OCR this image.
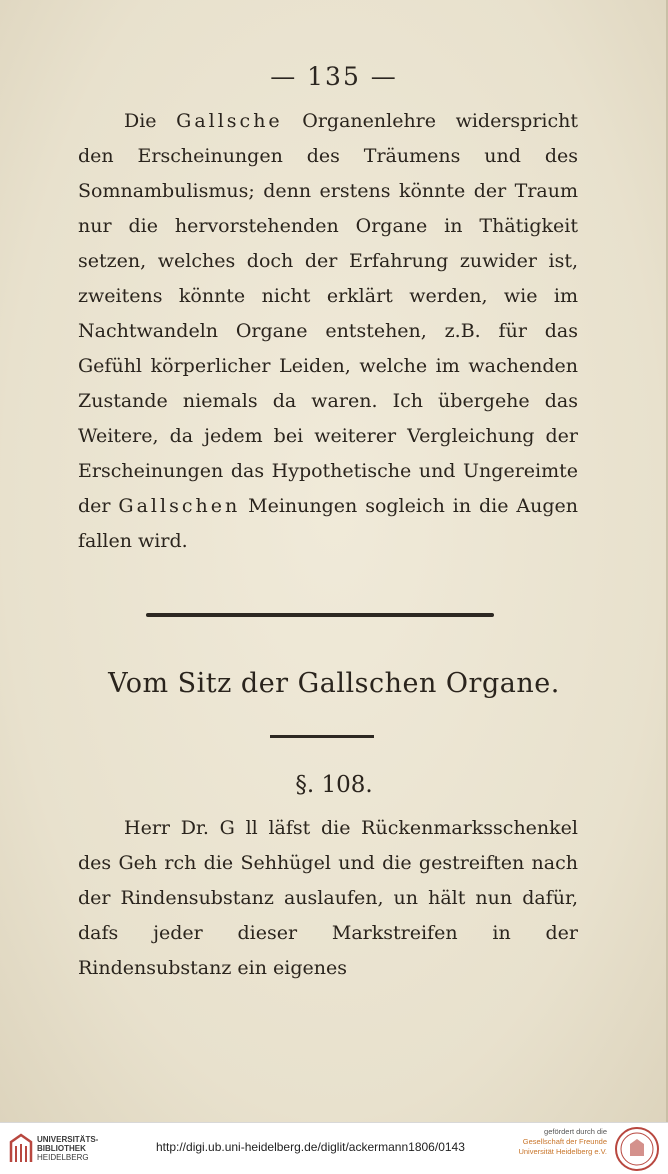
— 135 —

Die Gallsche Organenlehre widerspricht den Erscheinungen des Träumens und des Somnambulismus; denn erstens könnte der Traum nur die hervorstehenden Organe in Thätigkeit setzen, welches doch der Erfahrung zuwider ist, zweitens könnte nicht erklärt werden, wie im Nachtwandeln Organe entstehen, z.B. für das Gefühl körperlicher Leiden, welche im wachenden Zustande niemals da waren. Ich übergehe das Weitere, da jedem bei weiterer Vergleichung der Erscheinungen das Hypothetische und Ungereimte der Gallschen Meinungen sogleich in die Augen fallen wird.

Vom Sitz der Gallschen Organe.
§. 108.

Herr Dr. G ll läfst die Rückenmarksschenkel des Geh rch die Sehhügel und die gestreiften nach der Rindensubstanz auslaufen, un hält nun dafür, dafs jeder dieser Markstreifen in der Rindensubstanz ein eigenes

UNIVERSITÄTS-
BIBLIOTHEK
HEIDELBERG
http://digi.ub.uni-heidelberg.de/diglit/ackermann1806/0143
gefördert durch die
Gesellschaft der Freunde
Universität Heidelberg e.V.
